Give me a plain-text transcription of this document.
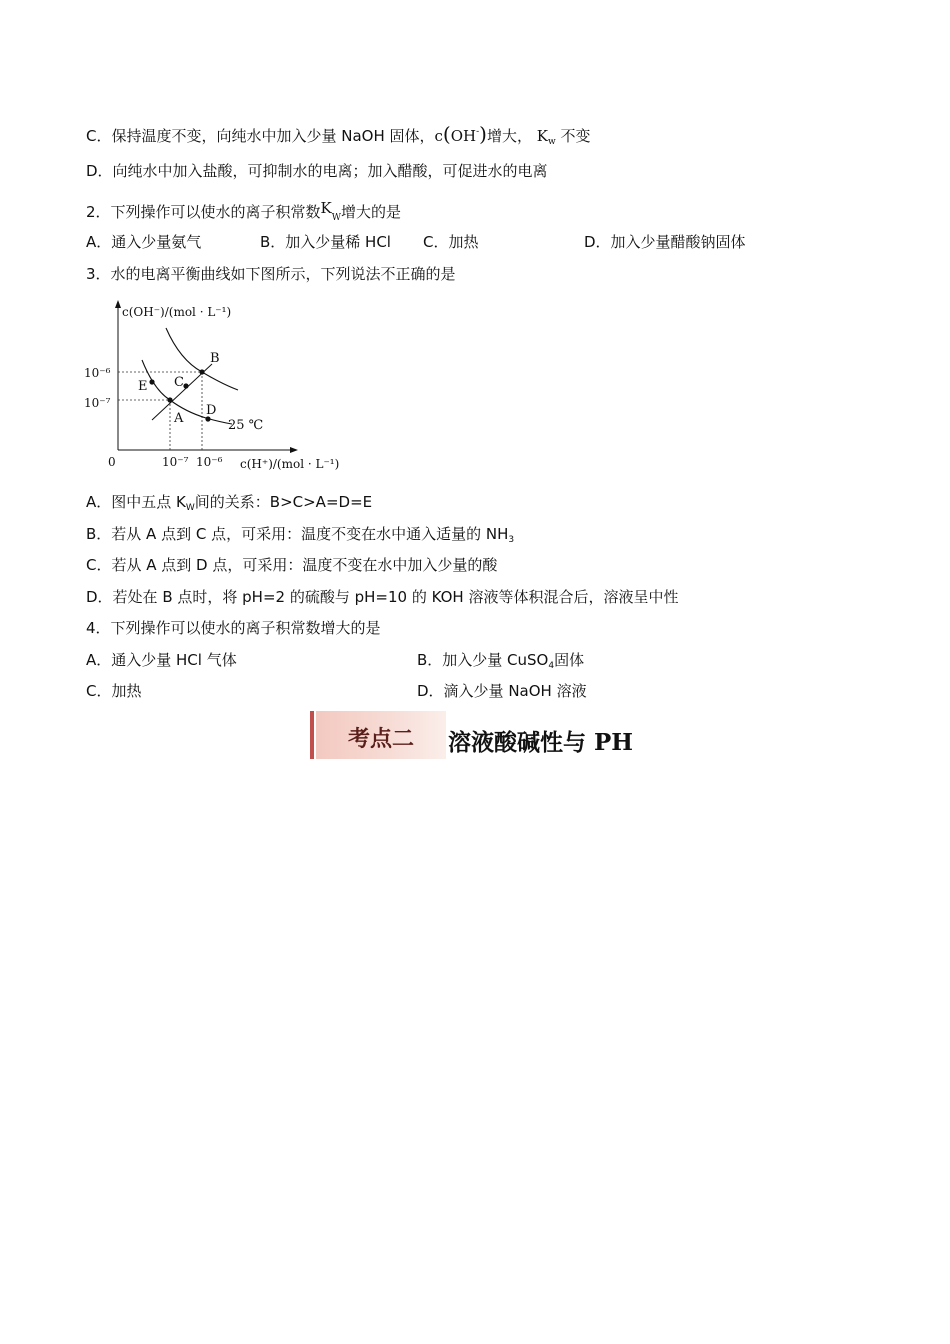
C．保持温度不变，向纯水中加入少量 NaOH 固体，c(OH-)增大， $K_w$ 不变
D．向纯水中加入盐酸，可抑制水的电离；加入醋酸，可促进水的电离
2．下列操作可以使水的离子积常数$K_W$增大的是
A．通入少量氨气	B．加入少量稀 HCl C．加热	D．加入少量醋酸钠固体
3．水的电离平衡曲线如下图所示，下列说法不正确的是
c(OH⁻)/(mol · L⁻¹)
c(H⁺)/(mol · L⁻¹)
0
10⁻⁶
10⁻⁷
10⁻⁷ 10⁻⁶
A
B
C
D
E
25 ℃
A．图中五点 $K_W$间的关系：B>C>A=D=E
B．若从 A 点到 C 点，可采用：温度不变在水中通入适量的 $NH_3$
C．若从 A 点到 D 点，可采用：温度不变在水中加入少量的酸
D．若处在 B 点时，将 pH=2 的硫酸与 pH=10 的 KOH 溶液等体积混合后，溶液呈中性
4．下列操作可以使水的离子积常数增大的是
A．通入少量 HCl 气体	B．加入少量 CuSO$_4$固体
C．加热	D．滴入少量 NaOH 溶液
考点二	溶液酸碱性与 PH
